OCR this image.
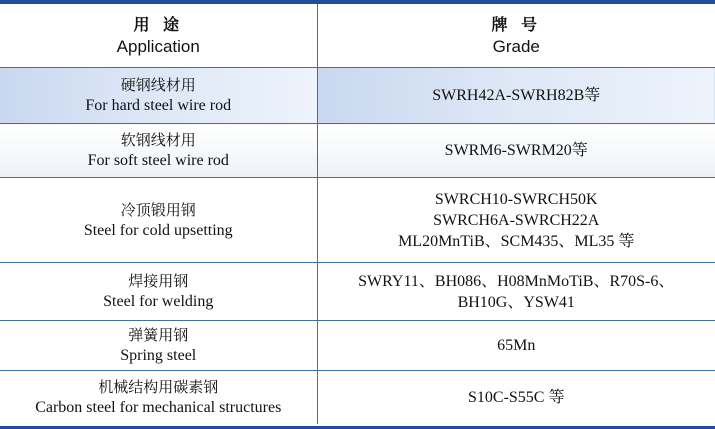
用 途
Application	牌 号
Grade

硬钢线材用
For hard steel wire rod	SWRH42A-SWRH82B等

软钢线材用
For soft steel wire rod	SWRM6-SWRM20等

冷顶锻用钢
Steel for cold upsetting	SWRCH10-SWRCH50K
SWRCH6A-SWRCH22A
ML20MnTiB、SCM435、ML35 等

焊接用钢
Steel for welding	SWRY11、BH086、H08MnMoTiB、R70S-6、
BH10G、YSW41

弹簧用钢
Spring steel	65Mn

机械结构用碳素钢
Carbon steel for mechanical structures	S10C-S55C 等
